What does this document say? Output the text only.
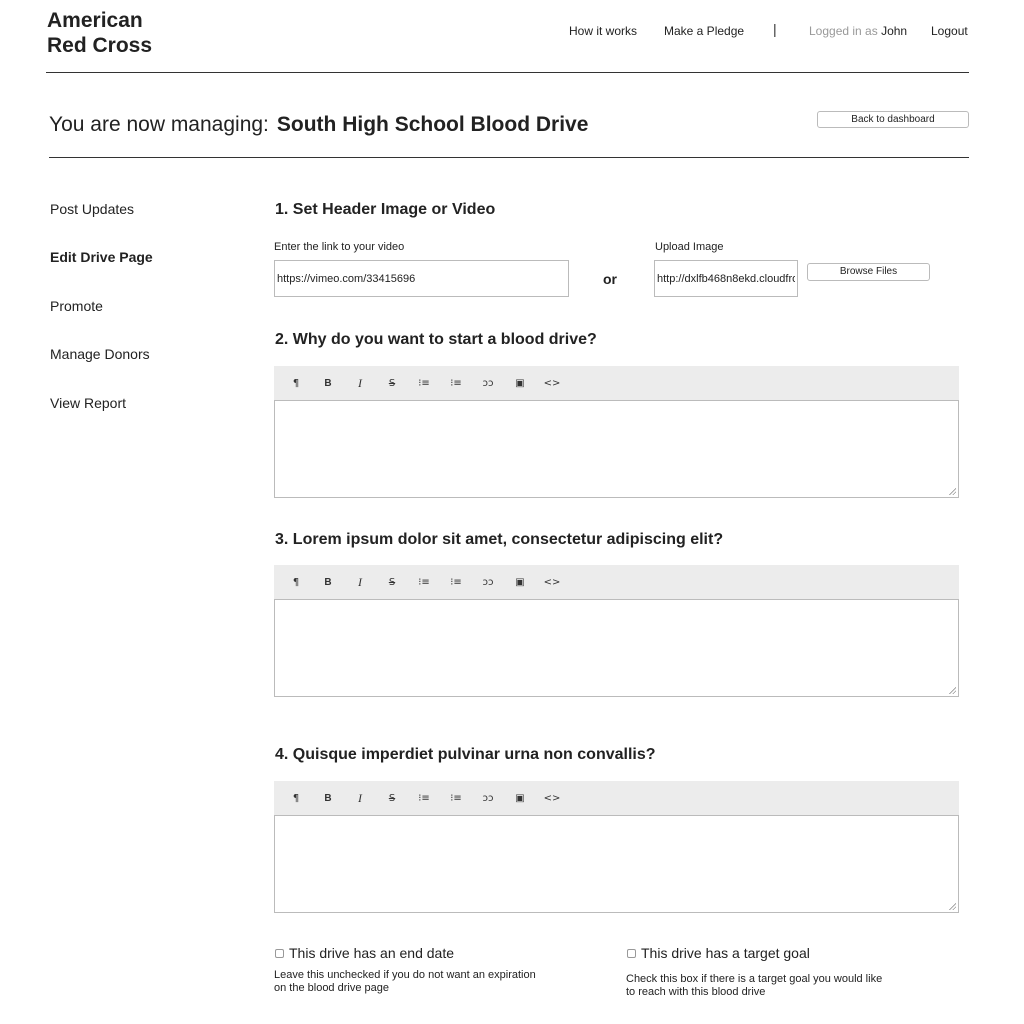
American
Red Cross
How it works Make a Pledge |	Logged in as John Logout
You are now managing: South High School Blood Drive	Back to dashboard
Post Updates
Edit Drive Page
Promote
Manage Donors
View Report
1. Set Header Image or Video
Enter the link to your video
https://vimeo.com/33415696
or
Upload Image
http://dxlfb468n8ekd.cloudfront.net
Browse Files
2. Why do you want to start a blood drive?
¶	B	I	S	⁝≡ ⁝≡ ↄↄ	▣	<>
3. Lorem ipsum dolor sit amet, consectetur adipiscing elit?
¶	B	I	S	⁝≡ ⁝≡ ↄↄ	▣	<>
4. Quisque imperdiet pulvinar urna non convallis?
¶	B	I	S	⁝≡ ⁝≡ ↄↄ	▣	<>
This drive has an end date
Leave this unchecked if you do not want an expiration
on the blood drive page
This drive has a target goal
Check this box if there is a target goal you would like
to reach with this blood drive
